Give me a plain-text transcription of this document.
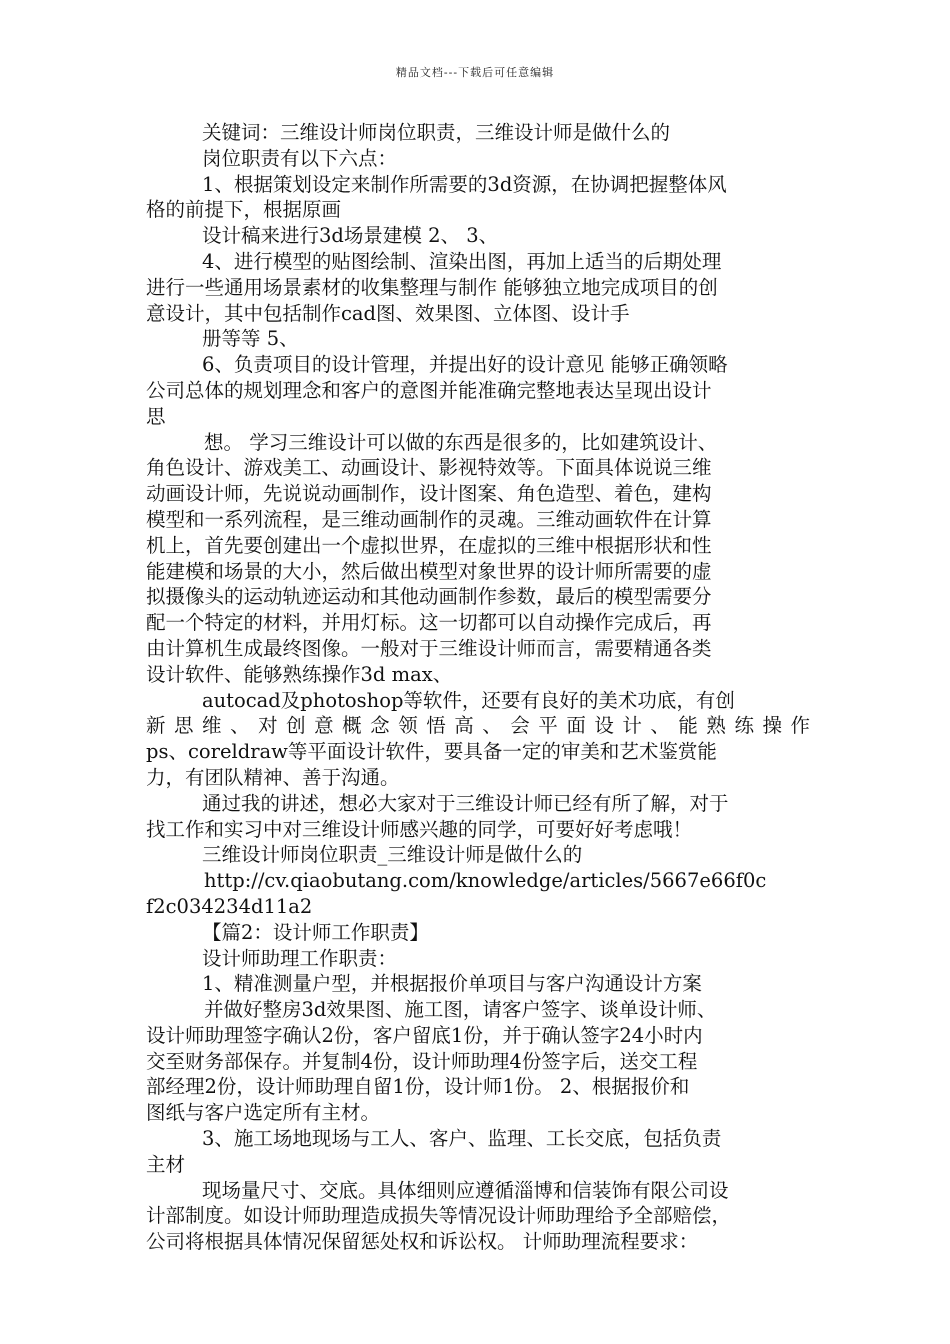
精品文档---下载后可任意编辑
关键词：三维设计师岗位职责，三维设计师是做什么的
岗位职责有以下六点：
1、根据策划设定来制作所需要的3d资源，在协调把握整体风
格的前提下，根据原画
设计稿来进行3d场景建模 2、 3、
4、进行模型的贴图绘制、渲染出图，再加上适当的后期处理
进行一些通用场景素材的收集整理与制作 能够独立地完成项目的创
意设计，其中包括制作cad图、效果图、立体图、设计手
册等等 5、
6、负责项目的设计管理，并提出好的设计意见 能够正确领略
公司总体的规划理念和客户的意图并能准确完整地表达呈现出设计
思
想。 学习三维设计可以做的东西是很多的，比如建筑设计、
角色设计、游戏美工、动画设计、影视特效等。下面具体说说三维
动画设计师，先说说动画制作，设计图案、角色造型、着色，建构
模型和一系列流程，是三维动画制作的灵魂。三维动画软件在计算
机上，首先要创建出一个虚拟世界，在虚拟的三维中根据形状和性
能建模和场景的大小，然后做出模型对象世界的设计师所需要的虚
拟摄像头的运动轨迹运动和其他动画制作参数，最后的模型需要分
配一个特定的材料，并用灯标。这一切都可以自动操作完成后，再
由计算机生成最终图像。一般对于三维设计师而言，需要精通各类
设计软件、能够熟练操作3d max、
autocad及photoshop等软件，还要有良好的美术功底，有创
新思维、对创意概念领悟高、会平面设计、能熟练操作
ps、coreldraw等平面设计软件，要具备一定的审美和艺术鉴赏能
力，有团队精神、善于沟通。
通过我的讲述，想必大家对于三维设计师已经有所了解，对于
找工作和实习中对三维设计师感兴趣的同学，可要好好考虑哦！
三维设计师岗位职责_三维设计师是做什么的
http://cv.qiaobutang.com/knowledge/articles/5667e66f0c
f2c034234d11a2
【篇2：设计师工作职责】
设计师助理工作职责：
1、精准测量户型，并根据报价单项目与客户沟通设计方案
并做好整房3d效果图、施工图，请客户签字、谈单设计师、
设计师助理签字确认2份，客户留底1份，并于确认签字24小时内
交至财务部保存。并复制4份，设计师助理4份签字后，送交工程
部经理2份，设计师助理自留1份，设计师1份。 2、根据报价和
图纸与客户选定所有主材。
3、施工场地现场与工人、客户、监理、工长交底，包括负责
主材
现场量尺寸、交底。具体细则应遵循淄博和信装饰有限公司设
计部制度。如设计师助理造成损失等情况设计师助理给予全部赔偿，
公司将根据具体情况保留惩处权和诉讼权。 计师助理流程要求：
